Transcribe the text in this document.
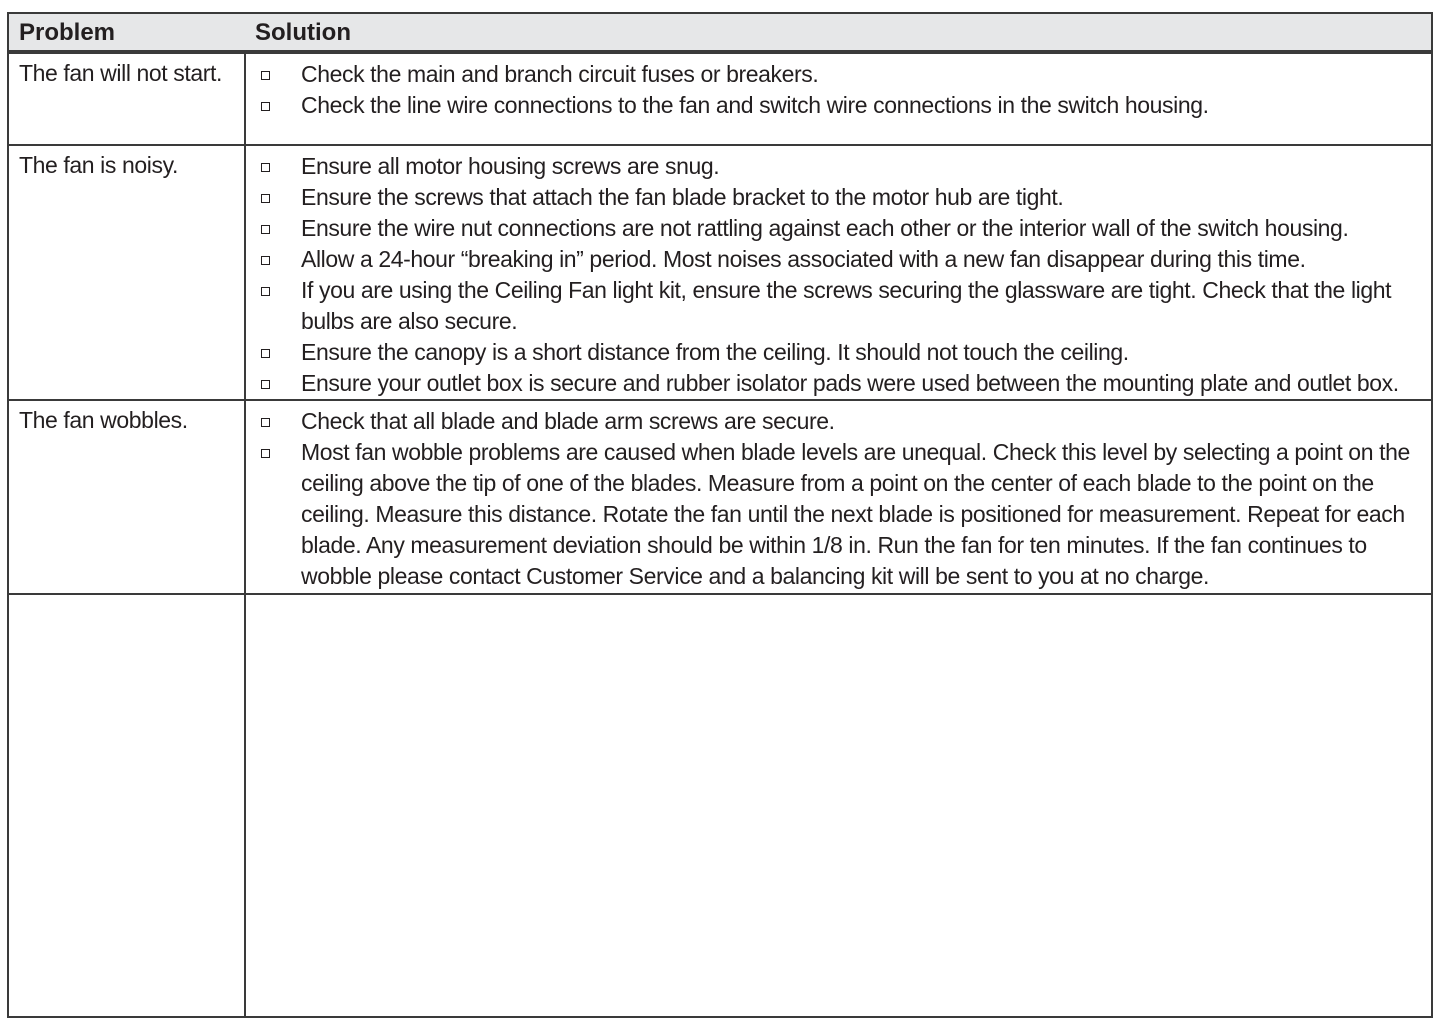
Problem	Solution
The fan will not start.	Check the main and branch circuit fuses or breakers.
Check the line wire connections to the fan and switch wire connections in the switch housing.
The fan is noisy.	Ensure all motor housing screws are snug.
Ensure the screws that attach the fan blade bracket to the motor hub are tight.
Ensure the wire nut connections are not rattling against each other or the interior wall of the switch housing.
Allow a 24-hour “breaking in” period. Most noises associated with a new fan disappear during this time.
If you are using the Ceiling Fan light kit, ensure the screws securing the glassware are tight. Check that the light bulbs are also secure.
Ensure the canopy is a short distance from the ceiling. It should not touch the ceiling.
Ensure your outlet box is secure and rubber isolator pads were used between the mounting plate and outlet box.
The fan wobbles.	Check that all blade and blade arm screws are secure.
Most fan wobble problems are caused when blade levels are unequal. Check this level by selecting a point on the ceiling above the tip of one of the blades. Measure from a point on the center of each blade to the point on the ceiling. Measure this distance. Rotate the fan until the next blade is positioned for measurement. Repeat for each blade. Any measurement deviation should be within 1/8 in. Run the fan for ten minutes. If the fan continues to wobble please contact Customer Service and a balancing kit will be sent to you at no charge.
